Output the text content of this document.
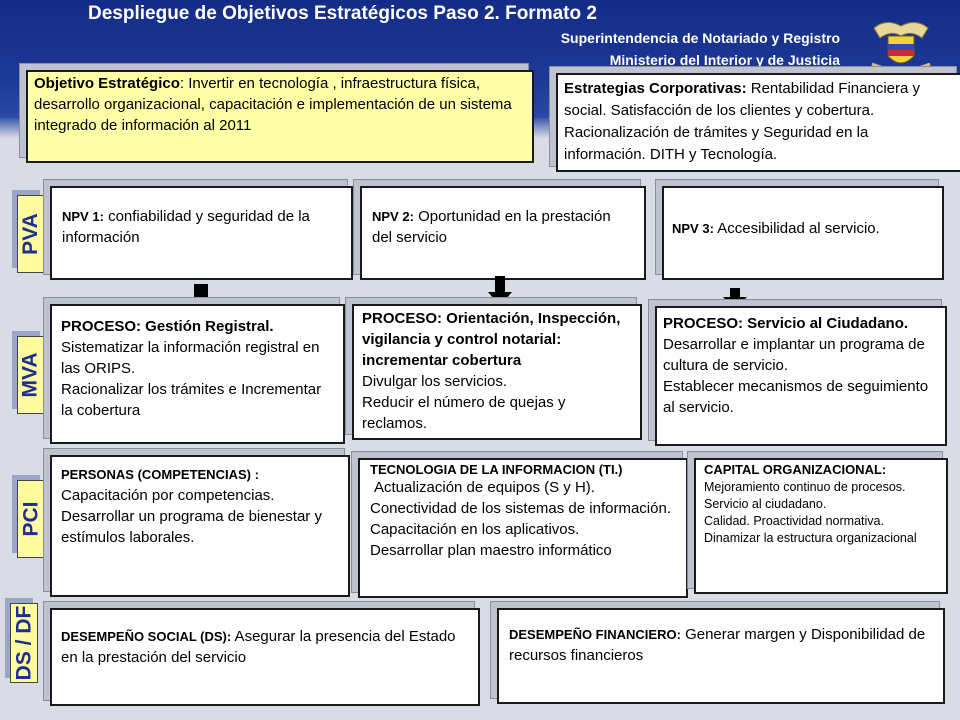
Despliegue de Objetivos Estratégicos Paso 2. Formato 2
Superintendencia de Notariado y Registro
Ministerio del Interior y de Justicia
Objetivo Estratégico: Invertir en tecnología , infraestructura física, desarrollo organizacional, capacitación e implementación de un sistema integrado de información al 2011
Estrategias Corporativas: Rentabilidad Financiera y social. Satisfacción de los clientes y cobertura. Racionalización de trámites y Seguridad en la información. DITH y Tecnología.
PVA
MVA
PCI
DS / DF
NPV 1: confiabilidad y seguridad de la información
NPV 2: Oportunidad en la prestación del servicio
NPV 3: Accesibilidad al servicio.
PROCESO: Gestión Registral.
Sistematizar la información registral en las ORIPS.
Racionalizar los trámites e Incrementar la cobertura
PROCESO: Orientación, Inspección, vigilancia y control notarial: incrementar cobertura
Divulgar los servicios.
Reducir el número de quejas y reclamos.
PROCESO: Servicio al Ciudadano.
Desarrollar e implantar un programa de cultura de servicio.
Establecer mecanismos de seguimiento al servicio.
PERSONAS (COMPETENCIAS) :
Capacitación por competencias.
Desarrollar un programa de bienestar y estímulos laborales.
TECNOLOGIA DE LA INFORMACION (TI.)
Actualización de equipos (S y H).
Conectividad de los sistemas de información.
Capacitación en los aplicativos.
Desarrollar plan maestro informático
CAPITAL ORGANIZACIONAL:
Mejoramiento continuo de procesos. Servicio al ciudadano.
Calidad. Proactividad normativa.
Dinamizar la estructura organizacional
DESEMPEÑO SOCIAL (DS): Asegurar la presencia del Estado en la prestación del servicio
DESEMPEÑO FINANCIERO: Generar margen y Disponibilidad de recursos financieros
